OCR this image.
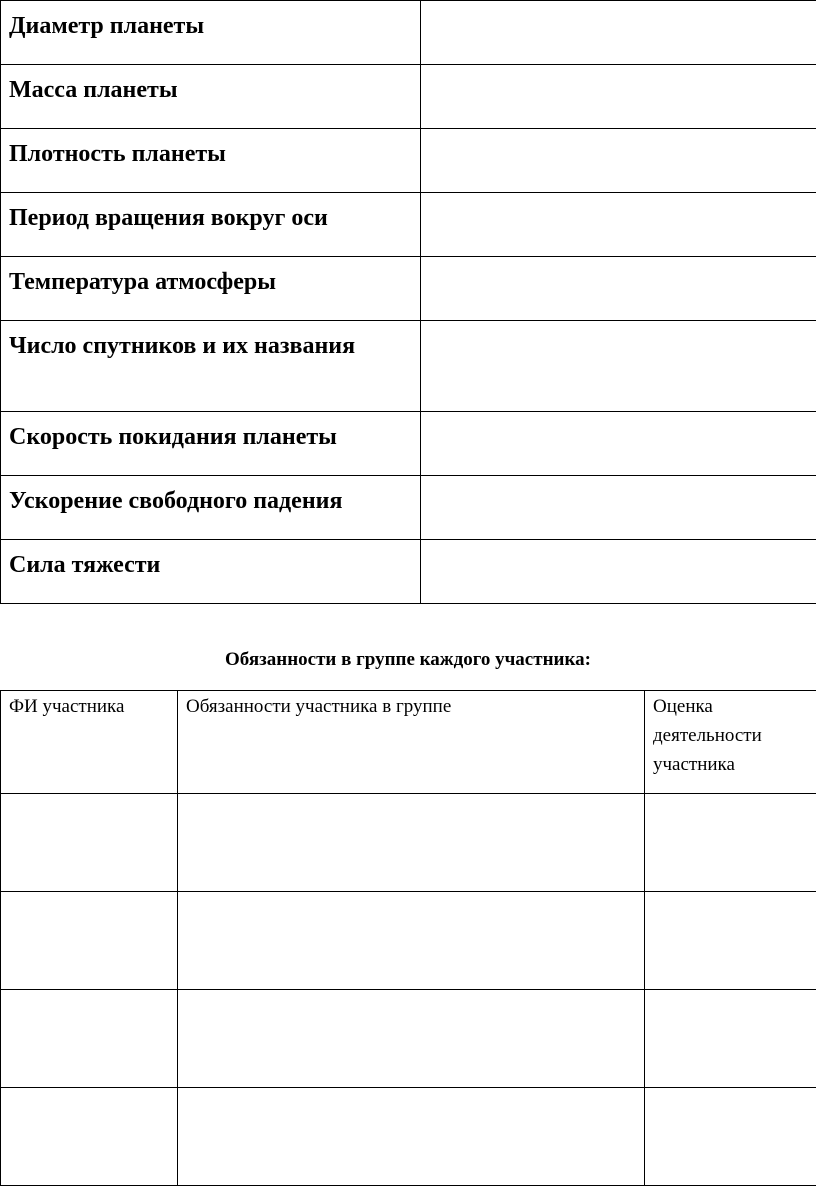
Диаметр планеты	
Масса планеты	
Плотность планеты	
Период вращения вокруг оси	
Температура атмосферы	
Число спутников и их названия	
Скорость покидания планеты	
Ускорение свободного падения	
Сила тяжести	
Обязанности в группе каждого участника:
ФИ участника	Обязанности участника в группе	Оценка деятельности участника
